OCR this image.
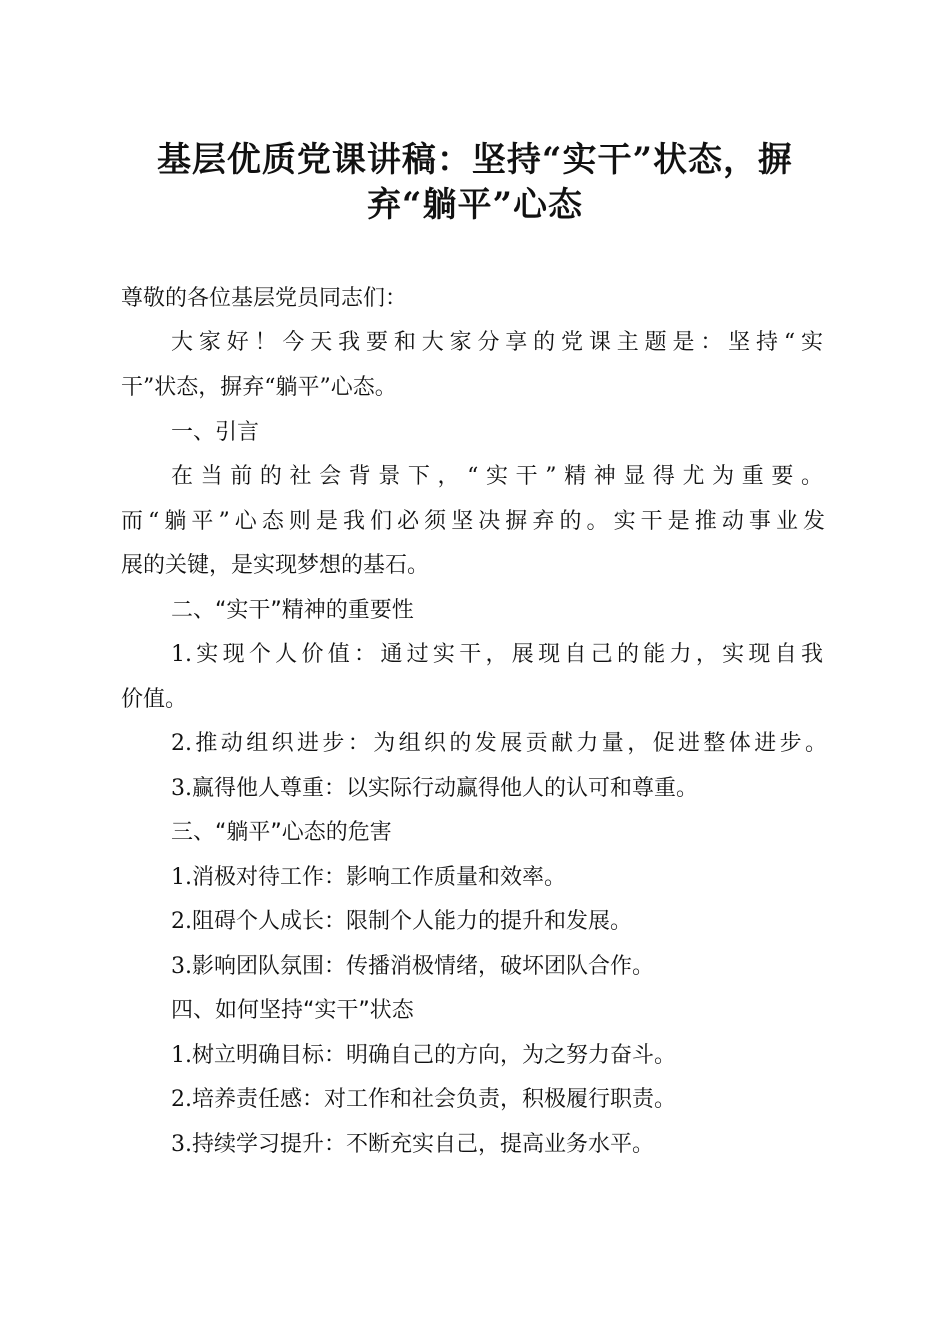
基层优质党课讲稿：坚持“实干”状态，摒
弃“躺平”心态

尊敬的各位基层党员同志们：

大家好！今天我要和大家分享的党课主题是：坚持“实

干”状态，摒弃“躺平”心态。

一、引言

在当前的社会背景下，“实干”精神显得尤为重要。

而“躺平”心态则是我们必须坚决摒弃的。实干是推动事业发

展的关键，是实现梦想的基石。

二、“实干”精神的重要性

1.实现个人价值：通过实干，展现自己的能力，实现自我

价值。

2.推动组织进步：为组织的发展贡献力量，促进整体进步。

3.赢得他人尊重：以实际行动赢得他人的认可和尊重。

三、“躺平”心态的危害

1.消极对待工作：影响工作质量和效率。

2.阻碍个人成长：限制个人能力的提升和发展。

3.影响团队氛围：传播消极情绪，破坏团队合作。

四、如何坚持“实干”状态

1.树立明确目标：明确自己的方向，为之努力奋斗。

2.培养责任感：对工作和社会负责，积极履行职责。

3.持续学习提升：不断充实自己，提高业务水平。
